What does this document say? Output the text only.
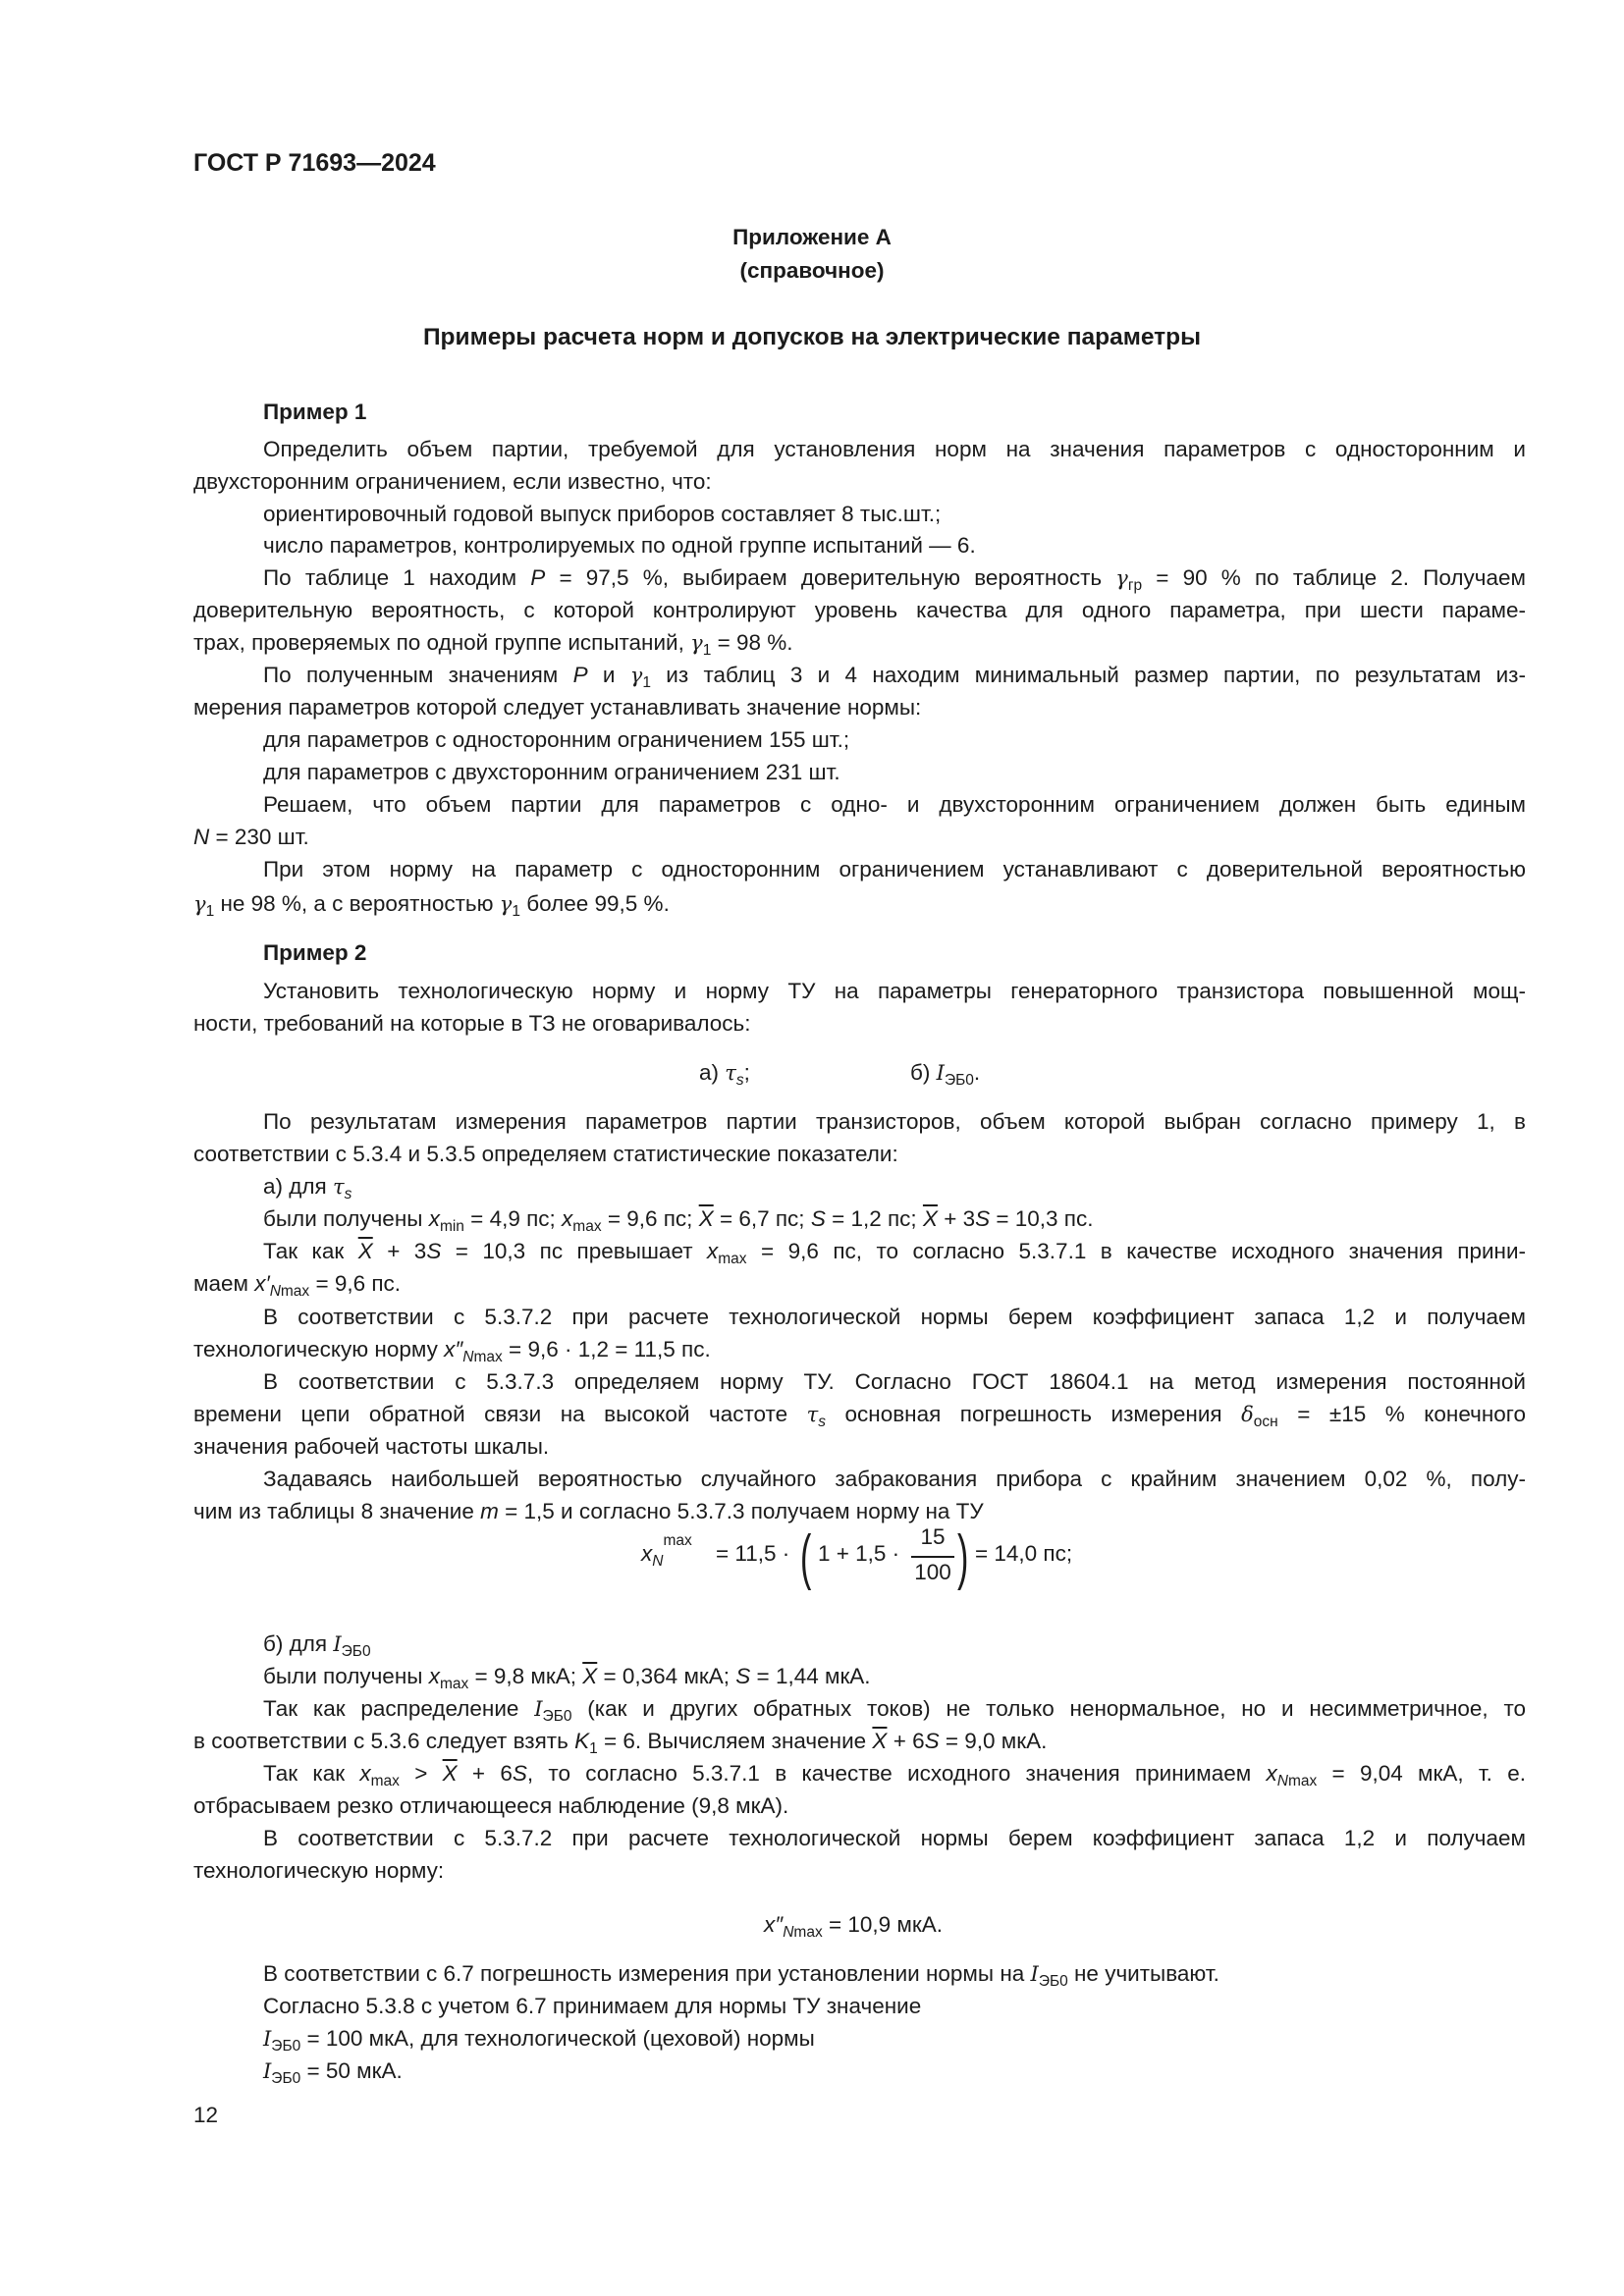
ГОСТ Р 71693—2024
Приложение А
(справочное)
Примеры расчета норм и допусков на электрические параметры
Пример 1
Определить объем партии, требуемой для установления норм на значения параметров с односторонним и
двухсторонним ограничением, если известно, что:
ориентировочный годовой выпуск приборов составляет 8 тыс.шт.;
число параметров, контролируемых по одной группе испытаний — 6.
По таблице 1 находим P = 97,5 %, выбираем доверительную вероятность $\gamma_{гр} = 90$ % по таблице 2. Получаем
доверительную вероятность, с которой контролируют уровень качества для одного параметра, при шести параме-
трах, проверяемых по одной группе испытаний, $\gamma_1 = 98$ %.
По полученным значениям P и $\gamma_1$ из таблиц 3 и 4 находим минимальный размер партии, по результатам из-
мерения параметров которой следует устанавливать значение нормы:
для параметров с односторонним ограничением 155 шт.;
для параметров с двухсторонним ограничением 231 шт.
Решаем, что объем партии для параметров с одно- и двухсторонним ограничением должен быть единым
N = 230 шт.
При этом норму на параметр с односторонним ограничением устанавливают с доверительной вероятностью
$\gamma_1$ не 98 %, а с вероятностью $\gamma_1$ более 99,5 %.
Пример 2
Установить технологическую норму и норму ТУ на параметры генераторного транзистора повышенной мощ-
ности, требований на которые в ТЗ не оговаривалось:
а) $\tau_s$;	б) $I_{ЭБ0}$.
По результатам измерения параметров партии транзисторов, объем которой выбран согласно примеру 1, в
соответствии с 5.3.4 и 5.3.5 определяем статистические показатели:
а) для $\tau_s$
были получены $x_{min} = 4,9$ пс; $x_{max} = 9,6$ пс; $\overline{X} = 6,7$ пс; S = 1,2 пс; $\overline{X} + 3S = 10,3$ пс.
Так как $\overline{X} + 3S = 10,3$ пс превышает $x_{max} = 9,6$ пс, то согласно 5.3.7.1 в качестве исходного значения прини-
маем $x'_{Nmax} = 9,6$ пс.
В соответствии с 5.3.7.2 при расчете технологической нормы берем коэффициент запаса 1,2 и получаем
технологическую норму $x''_{Nmax} = 9,6 \cdot 1,2 = 11,5$ пс.
В соответствии с 5.3.7.3 определяем норму ТУ. Согласно ГОСТ 18604.1 на метод измерения постоянной
времени цепи обратной связи на высокой частоте $\tau_s$ основная погрешность измерения $\delta_{осн} = \pm 15$ % конечного
значения рабочей частоты шкалы.
Задаваясь наибольшей вероятностью случайного забракования прибора с крайним значением 0,02 %, полу-
чим из таблицы 8 значение m = 1,5 и согласно 5.3.7.3 получаем норму на ТУ
$x_{N max}$
= 11,5 · ( 1 + 1,5 ·
15
100 ) = 14,0 пс;
б) для $I_{ЭБ0}$
были получены $x_{max} = 9,8$ мкА; $\overline{X} = 0,364$ мкА; S = 1,44 мкА.
Так как распределение $I_{ЭБ0}$ (как и других обратных токов) не только ненормальное, но и несимметричное, то
в соответствии с 5.3.6 следует взять $K_1 = 6$. Вычисляем значение $\overline{X} + 6S = 9,0$ мкА.
Так как $x_{max} > \overline{X} + 6S$, то согласно 5.3.7.1 в качестве исходного значения принимаем $x_{Nmax} = 9,04$ мкА, т. е.
отбрасываем резко отличающееся наблюдение (9,8 мкА).
В соответствии с 5.3.7.2 при расчете технологической нормы берем коэффициент запаса 1,2 и получаем
технологическую норму:
$x''_{Nmax} = 10,9$ мкА.
В соответствии с 6.7 погрешность измерения при установлении нормы на $I_{ЭБ0}$ не учитывают.
Согласно 5.3.8 с учетом 6.7 принимаем для нормы ТУ значение
$I_{ЭБ0} = 100$ мкА, для технологической (цеховой) нормы
$I_{ЭБ0} = 50$ мкА.
12
